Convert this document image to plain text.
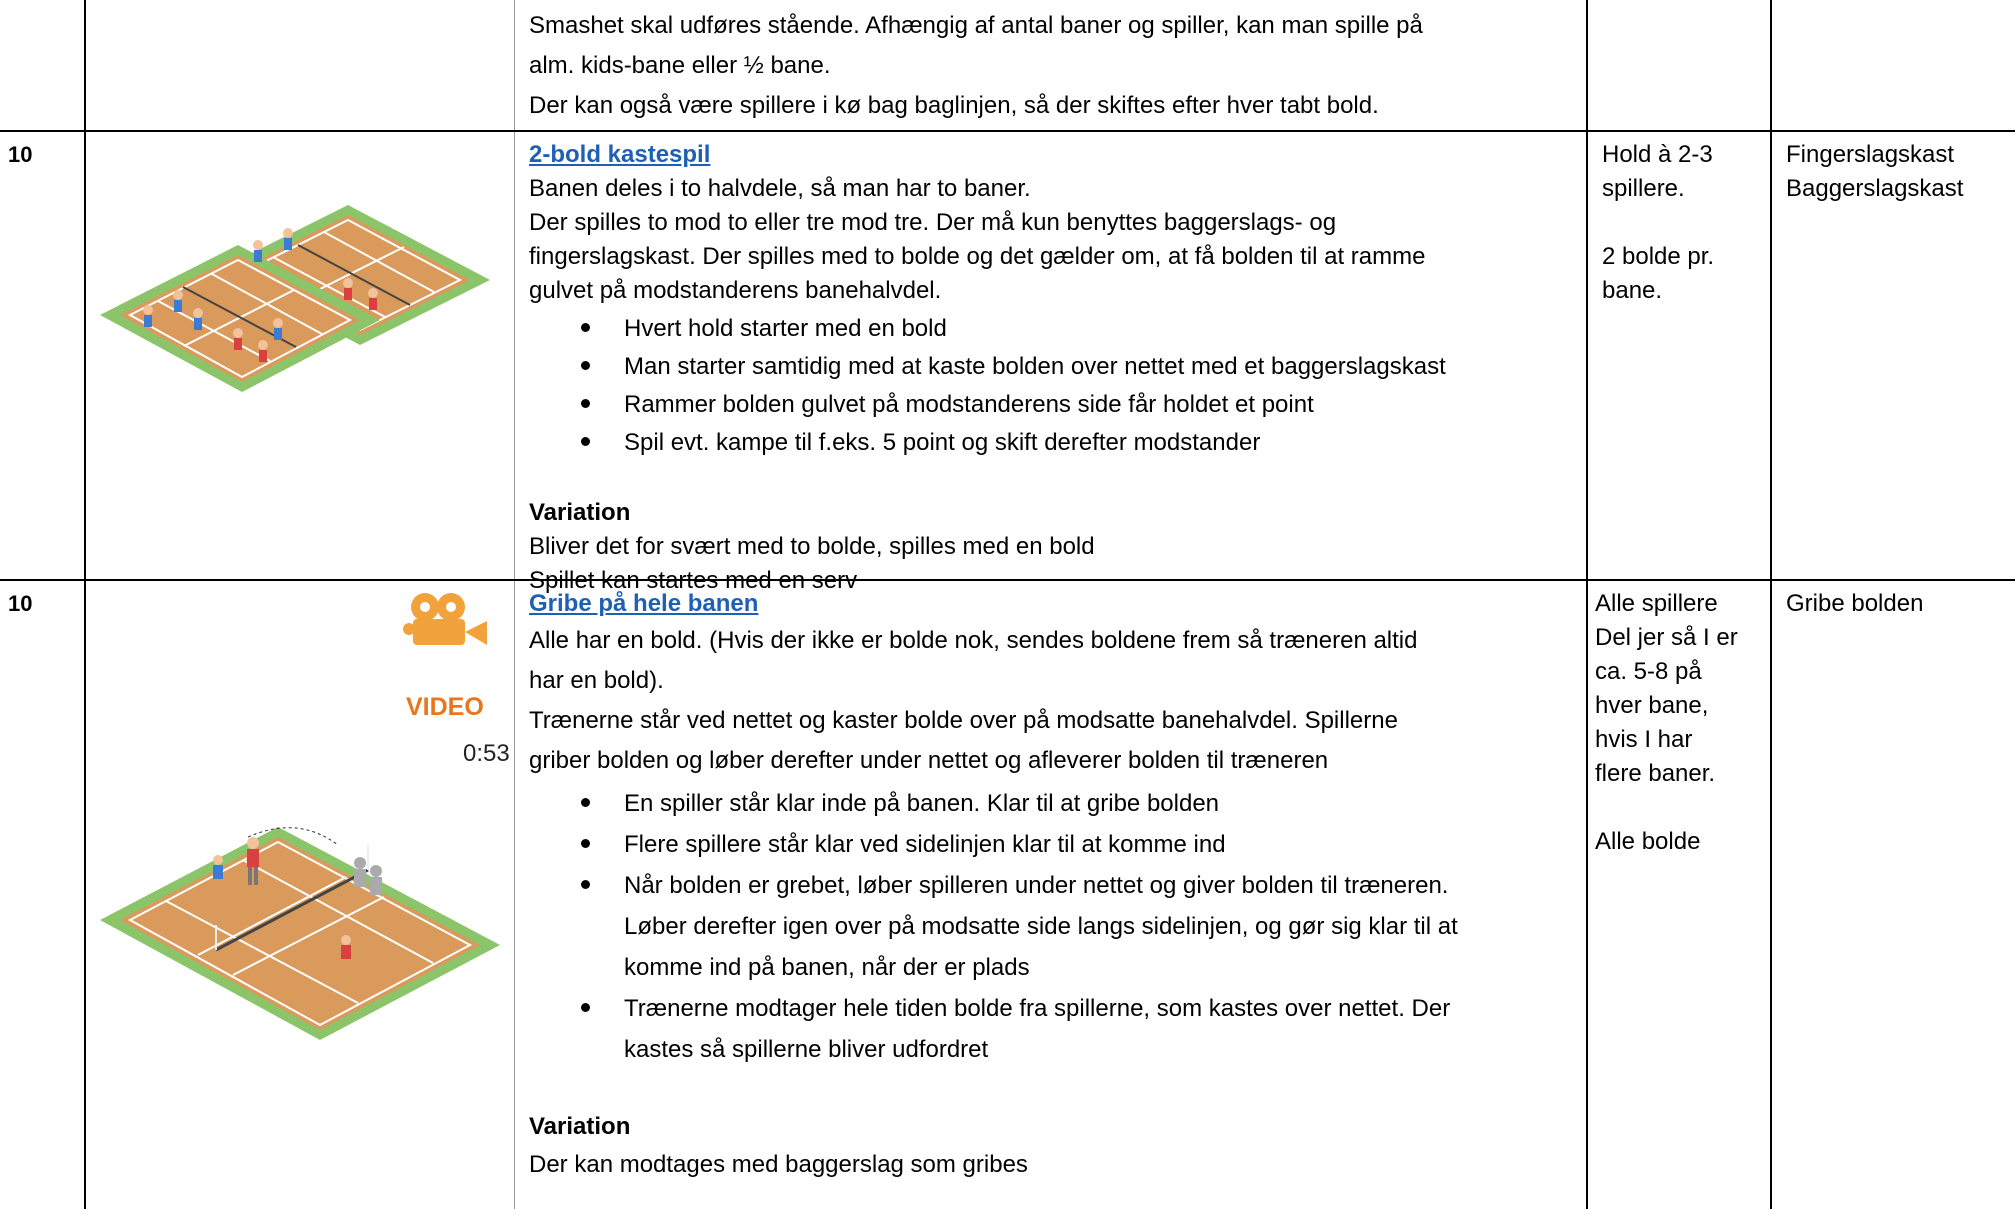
Smashet skal udføres stående. Afhængig af antal baner og spiller, kan man spille på
alm. kids-bane eller ½ bane.
Der kan også være spillere i kø bag baglinjen, så der skiftes efter hver tabt bold.
10	2-bold kastespil
Banen deles i to halvdele, så man har to baner.
Der spilles to mod to eller tre mod tre. Der må kun benyttes baggerslags- og
fingerslagskast. Der spilles med to bolde og det gælder om, at få bolden til at ramme
gulvet på modstanderens banehalvdel.
Hvert hold starter med en bold
Man starter samtidig med at kaste bolden over nettet med et baggerslagskast
Rammer bolden gulvet på modstanderens side får holdet et point
Spil evt. kampe til f.eks. 5 point og skift derefter modstander
Variation
Bliver det for svært med to bolde, spilles med en bold
Spillet kan startes med en serv
Hold à 2-3
spillere.
2 bolde pr.
bane.
Fingerslagskast
Baggerslagskast
10
VIDEO
0:53
Gribe på hele banen
Alle har en bold. (Hvis der ikke er bolde nok, sendes boldene frem så træneren altid
har en bold).
Trænerne står ved nettet og kaster bolde over på modsatte banehalvdel. Spillerne
griber bolden og løber derefter under nettet og afleverer bolden til træneren
En spiller står klar inde på banen. Klar til at gribe bolden
Flere spillere står klar ved sidelinjen klar til at komme ind
Når bolden er grebet, løber spilleren under nettet og giver bolden til træneren.
Løber derefter igen over på modsatte side langs sidelinjen, og gør sig klar til at
komme ind på banen, når der er plads
Trænerne modtager hele tiden bolde fra spillerne, som kastes over nettet. Der
kastes så spillerne bliver udfordret
Variation
Der kan modtages med baggerslag som gribes
Alle spillere
Del jer så I er
ca. 5-8 på
hver bane,
hvis I har
flere baner.
Alle bolde
Gribe bolden
